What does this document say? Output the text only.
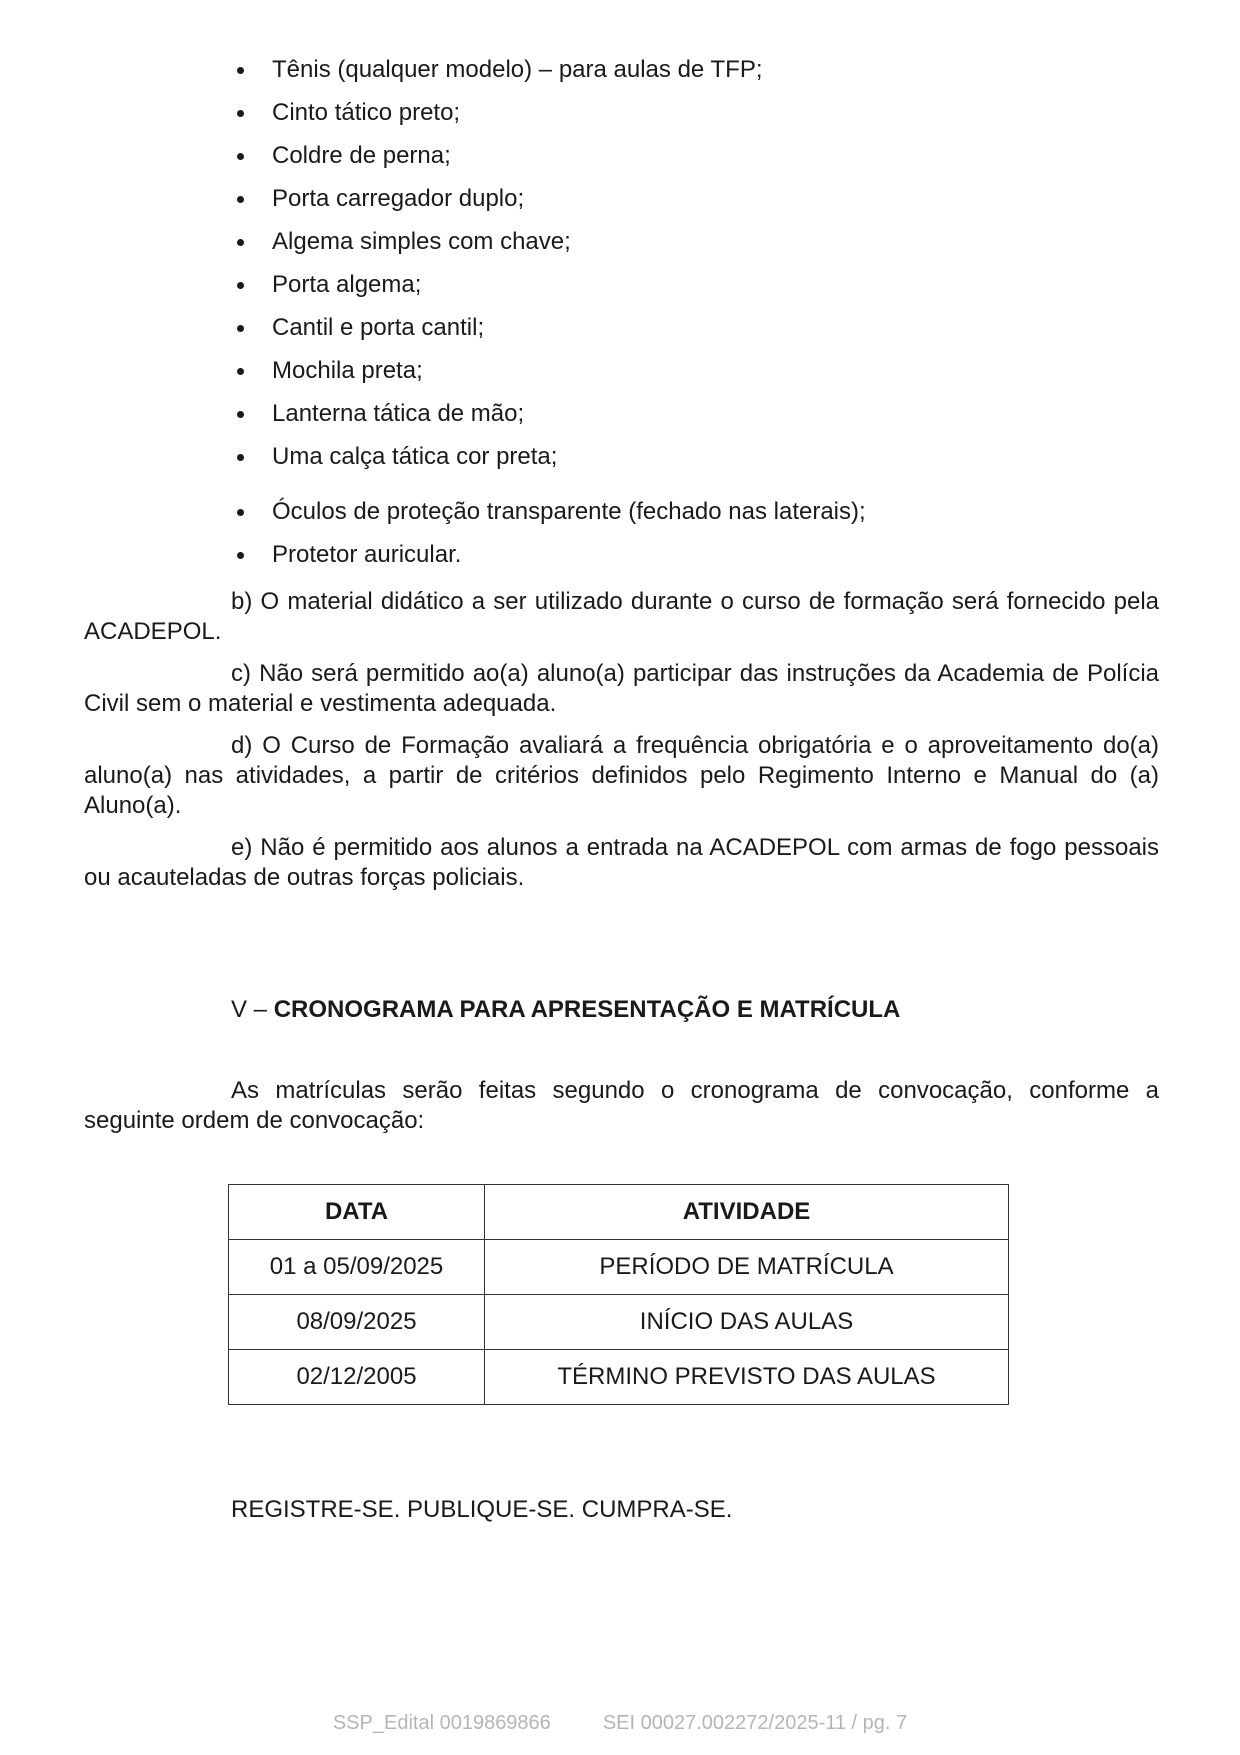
Tênis (qualquer modelo) – para aulas de TFP;
Cinto tático preto;
Coldre de perna;
Porta carregador duplo;
Algema simples com chave;
Porta algema;
Cantil e porta cantil;
Mochila preta;
Lanterna tática de mão;
Uma calça tática cor preta;
Óculos de proteção transparente (fechado nas laterais);
Protetor auricular.

b) O material didático a ser utilizado durante o curso de formação será fornecido pela ACADEPOL.

c) Não será permitido ao(a) aluno(a) participar das instruções da Academia de Polícia Civil sem o material e vestimenta adequada.

d) O Curso de Formação avaliará a frequência obrigatória e o aproveitamento do(a) aluno(a) nas atividades, a partir de critérios definidos pelo Regimento Interno e Manual do (a) Aluno(a).

e) Não é permitido aos alunos a entrada na ACADEPOL com armas de fogo pessoais ou acauteladas de outras forças policiais.

V – CRONOGRAMA PARA APRESENTAÇÃO E MATRÍCULA

As matrículas serão feitas segundo o cronograma de convocação, conforme a seguinte ordem de convocação:

DATA	ATIVIDADE
01 a 05/09/2025	PERÍODO DE MATRÍCULA
08/09/2025	INÍCIO DAS AULAS
02/12/2005	TÉRMINO PREVISTO DAS AULAS

REGISTRE-SE. PUBLIQUE-SE. CUMPRA-SE.

SSP_Edital 0019869866	SEI 00027.002272/2025-11 / pg. 7
